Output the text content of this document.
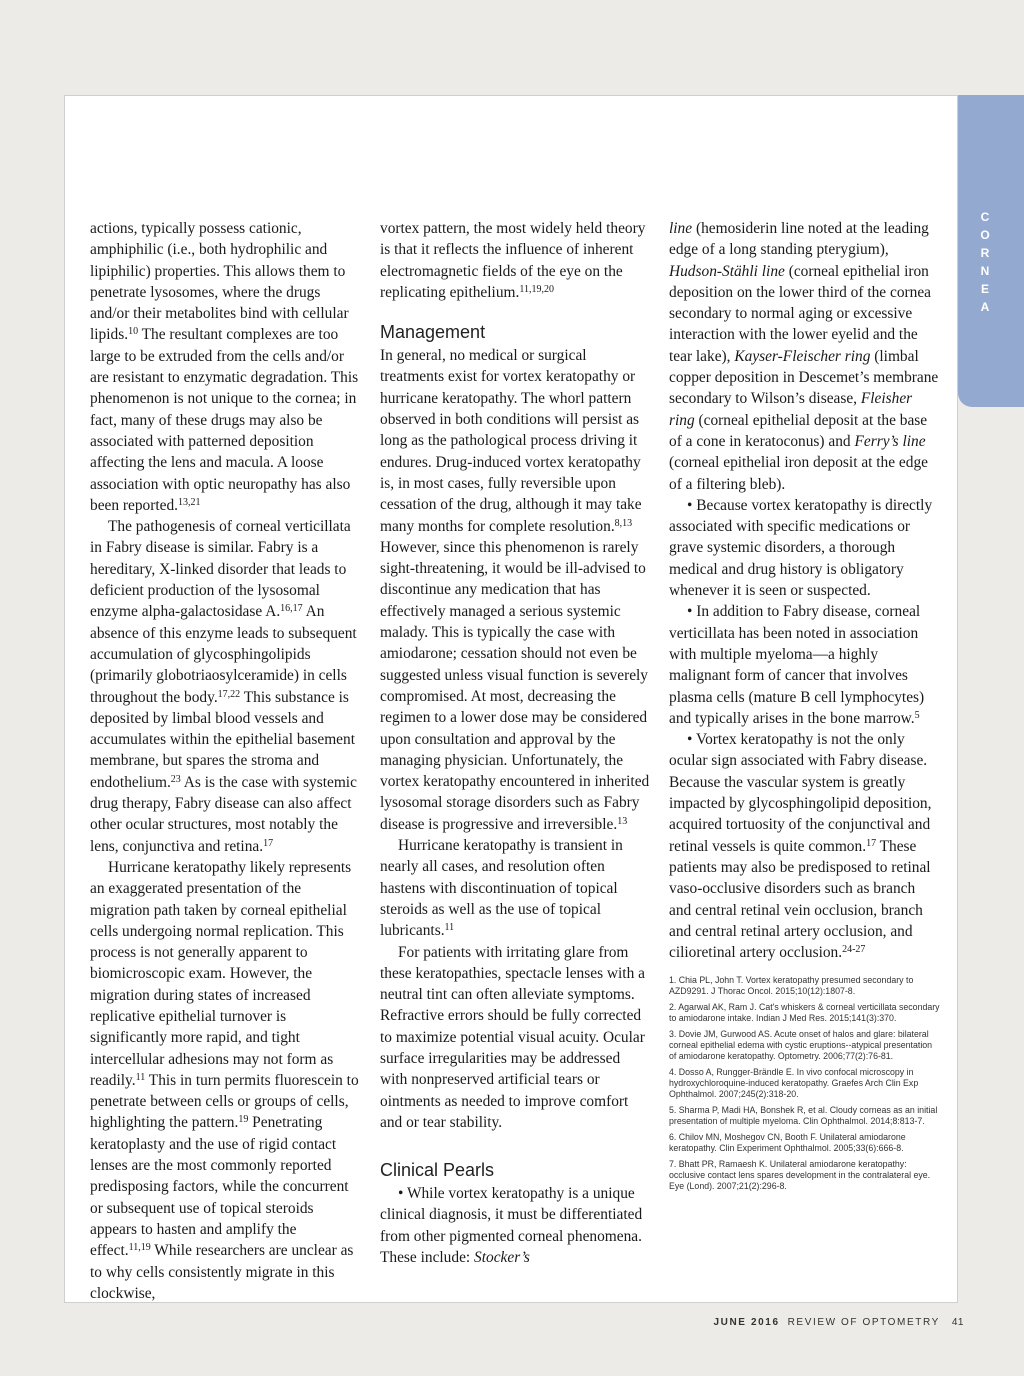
CORNEA

actions, typically possess cationic, amphiphilic (i.e., both hydrophilic and lipiphilic) properties. This allows them to penetrate lysosomes, where the drugs and/or their metabolites bind with cellular lipids.$^{10}$ The resultant complexes are too large to be extruded from the cells and/or are resistant to enzymatic degradation. This phenomenon is not unique to the cornea; in fact, many of these drugs may also be associated with patterned deposition affecting the lens and macula. A loose association with optic neuropathy has also been reported.$^{13,21}$

The pathogenesis of corneal verticillata in Fabry disease is similar. Fabry is a hereditary, X-linked disorder that leads to deficient production of the lysosomal enzyme alpha-galactosidase A.$^{16,17}$ An absence of this enzyme leads to subsequent accumulation of glycosphingolipids (primarily globotriaosylceramide) in cells throughout the body.$^{17,22}$ This substance is deposited by limbal blood vessels and accumulates within the epithelial basement membrane, but spares the stroma and endothelium.$^{23}$ As is the case with systemic drug therapy, Fabry disease can also affect other ocular structures, most notably the lens, conjunctiva and retina.$^{17}$

Hurricane keratopathy likely represents an exaggerated presentation of the migration path taken by corneal epithelial cells undergoing normal replication. This process is not generally apparent to biomicroscopic exam. However, the migration during states of increased replicative epithelial turnover is significantly more rapid, and tight intercellular adhesions may not form as readily.$^{11}$ This in turn permits fluorescein to penetrate between cells or groups of cells, highlighting the pattern.$^{19}$ Penetrating keratoplasty and the use of rigid contact lenses are the most commonly reported predisposing factors, while the concurrent or subsequent use of topical steroids appears to hasten and amplify the effect.$^{11,19}$ While researchers are unclear as to why cells consistently migrate in this clockwise,

vortex pattern, the most widely held theory is that it reflects the influence of inherent electromagnetic fields of the eye on the replicating epithelium.$^{11,19,20}$

Management

In general, no medical or surgical treatments exist for vortex keratopathy or hurricane keratopathy. The whorl pattern observed in both conditions will persist as long as the pathological process driving it endures. Drug-induced vortex keratopathy is, in most cases, fully reversible upon cessation of the drug, although it may take many months for complete resolution.$^{8,13}$ However, since this phenomenon is rarely sight-threatening, it would be ill-advised to discontinue any medication that has effectively managed a serious systemic malady. This is typically the case with amiodarone; cessation should not even be suggested unless visual function is severely compromised. At most, decreasing the regimen to a lower dose may be considered upon consultation and approval by the managing physician. Unfortunately, the vortex keratopathy encountered in inherited lysosomal storage disorders such as Fabry disease is progressive and irreversible.$^{13}$

Hurricane keratopathy is transient in nearly all cases, and resolution often hastens with discontinuation of topical steroids as well as the use of topical lubricants.$^{11}$

For patients with irritating glare from these keratopathies, spectacle lenses with a neutral tint can often alleviate symptoms. Refractive errors should be fully corrected to maximize potential visual acuity. Ocular surface irregularities may be addressed with nonpreserved artificial tears or ointments as needed to improve comfort and or tear stability.

Clinical Pearls

• While vortex keratopathy is a unique clinical diagnosis, it must be differentiated from other pigmented corneal phenomena. These include: Stocker’s

line (hemosiderin line noted at the leading edge of a long standing pterygium), Hudson-Stähli line (corneal epithelial iron deposition on the lower third of the cornea secondary to normal aging or excessive interaction with the lower eyelid and the tear lake), Kayser-Fleischer ring (limbal copper deposition in Descemet’s membrane secondary to Wilson’s disease, Fleisher ring (corneal epithelial deposit at the base of a cone in keratoconus) and Ferry’s line (corneal epithelial iron deposit at the edge of a filtering bleb).

• Because vortex keratopathy is directly associated with specific medications or grave systemic disorders, a thorough medical and drug history is obligatory whenever it is seen or suspected.

• In addition to Fabry disease, corneal verticillata has been noted in association with multiple myeloma—a highly malignant form of cancer that involves plasma cells (mature B cell lymphocytes) and typically arises in the bone marrow.$^5$

• Vortex keratopathy is not the only ocular sign associated with Fabry disease. Because the vascular system is greatly impacted by glycosphingolipid deposition, acquired tortuosity of the conjunctival and retinal vessels is quite common.$^{17}$ These patients may also be predisposed to retinal vaso-occlusive disorders such as branch and central retinal vein occlusion, branch and central retinal artery occlusion, and cilioretinal artery occlusion.$^{24-27}$

1. Chia PL, John T. Vortex keratopathy presumed secondary to AZD9291. J Thorac Oncol. 2015;10(12):1807-8.
2. Agarwal AK, Ram J. Cat's whiskers & corneal verticillata secondary to amiodarone intake. Indian J Med Res. 2015;141(3):370.
3. Dovie JM, Gurwood AS. Acute onset of halos and glare: bilateral corneal epithelial edema with cystic eruptions--atypical presentation of amiodarone keratopathy. Optometry. 2006;77(2):76-81.
4. Dosso A, Rungger-Brändle E. In vivo confocal microscopy in hydroxychloroquine-induced keratopathy. Graefes Arch Clin Exp Ophthalmol. 2007;245(2):318-20.
5. Sharma P, Madi HA, Bonshek R, et al. Cloudy corneas as an initial presentation of multiple myeloma. Clin Ophthalmol. 2014;8:813-7.
6. Chilov MN, Moshegov CN, Booth F. Unilateral amiodarone keratopathy. Clin Experiment Ophthalmol. 2005;33(6):666-8.
7. Bhatt PR, Ramaesh K. Unilateral amiodarone keratopathy: occlusive contact lens spares development in the contralateral eye. Eye (Lond). 2007;21(2):296-8.
JUNE 2016 REVIEW OF OPTOMETRY 41
